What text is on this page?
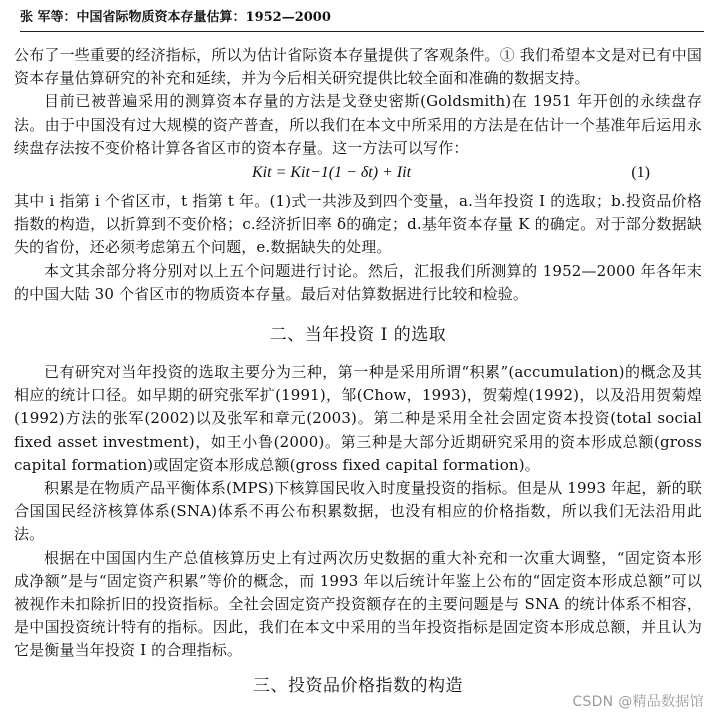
张 军等：中国省际物质资本存量估算：1952—2000

公布了一些重要的经济指标，所以为估计省际资本存量提供了客观条件。① 我们希望本文是对已有中国资本存量估算研究的补充和延续，并为今后相关研究提供比较全面和准确的数据支持。

目前已被普遍采用的测算资本存量的方法是戈登史密斯(Goldsmith)在 1951 年开创的永续盘存法。由于中国没有过大规模的资产普查，所以我们在本文中所采用的方法是在估计一个基准年后运用永续盘存法按不变价格计算各省区市的资本存量。这一方法可以写作：

Kit = Kit−1(1 − δt) + Iit	(1)

其中 i 指第 i 个省区市，t 指第 t 年。(1)式一共涉及到四个变量，a.当年投资 I 的选取；b.投资品价格指数的构造，以折算到不变价格；c.经济折旧率 δ的确定；d.基年资本存量 K 的确定。对于部分数据缺失的省份，还必须考虑第五个问题，e.数据缺失的处理。

本文其余部分将分别对以上五个问题进行讨论。然后，汇报我们所测算的 1952—2000 年各年末的中国大陆 30 个省区市的物质资本存量。最后对估算数据进行比较和检验。

二、当年投资 I 的选取

已有研究对当年投资的选取主要分为三种，第一种是采用所谓“积累”(accumulation)的概念及其相应的统计口径。如早期的研究张军扩(1991)，邹(Chow，1993)，贺菊煌(1992)，以及沿用贺菊煌(1992)方法的张军(2002)以及张军和章元(2003)。第二种是采用全社会固定资本投资(total social fixed asset investment)，如王小鲁(2000)。第三种是大部分近期研究采用的资本形成总额(gross capital formation)或固定资本形成总额(gross fixed capital formation)。

积累是在物质产品平衡体系(MPS)下核算国民收入时度量投资的指标。但是从 1993 年起，新的联合国国民经济核算体系(SNA)体系不再公布积累数据，也没有相应的价格指数，所以我们无法沿用此法。

根据在中国国内生产总值核算历史上有过两次历史数据的重大补充和一次重大调整，“固定资本形成净额”是与“固定资产积累”等价的概念，而 1993 年以后统计年鉴上公布的“固定资本形成总额”可以被视作未扣除折旧的投资指标。全社会固定资产投资额存在的主要问题是与 SNA 的统计体系不相容，是中国投资统计特有的指标。因此，我们在本文中采用的当年投资指标是固定资本形成总额，并且认为它是衡量当年投资 I 的合理指标。

三、投资品价格指数的构造
CSDN @精品数据馆
